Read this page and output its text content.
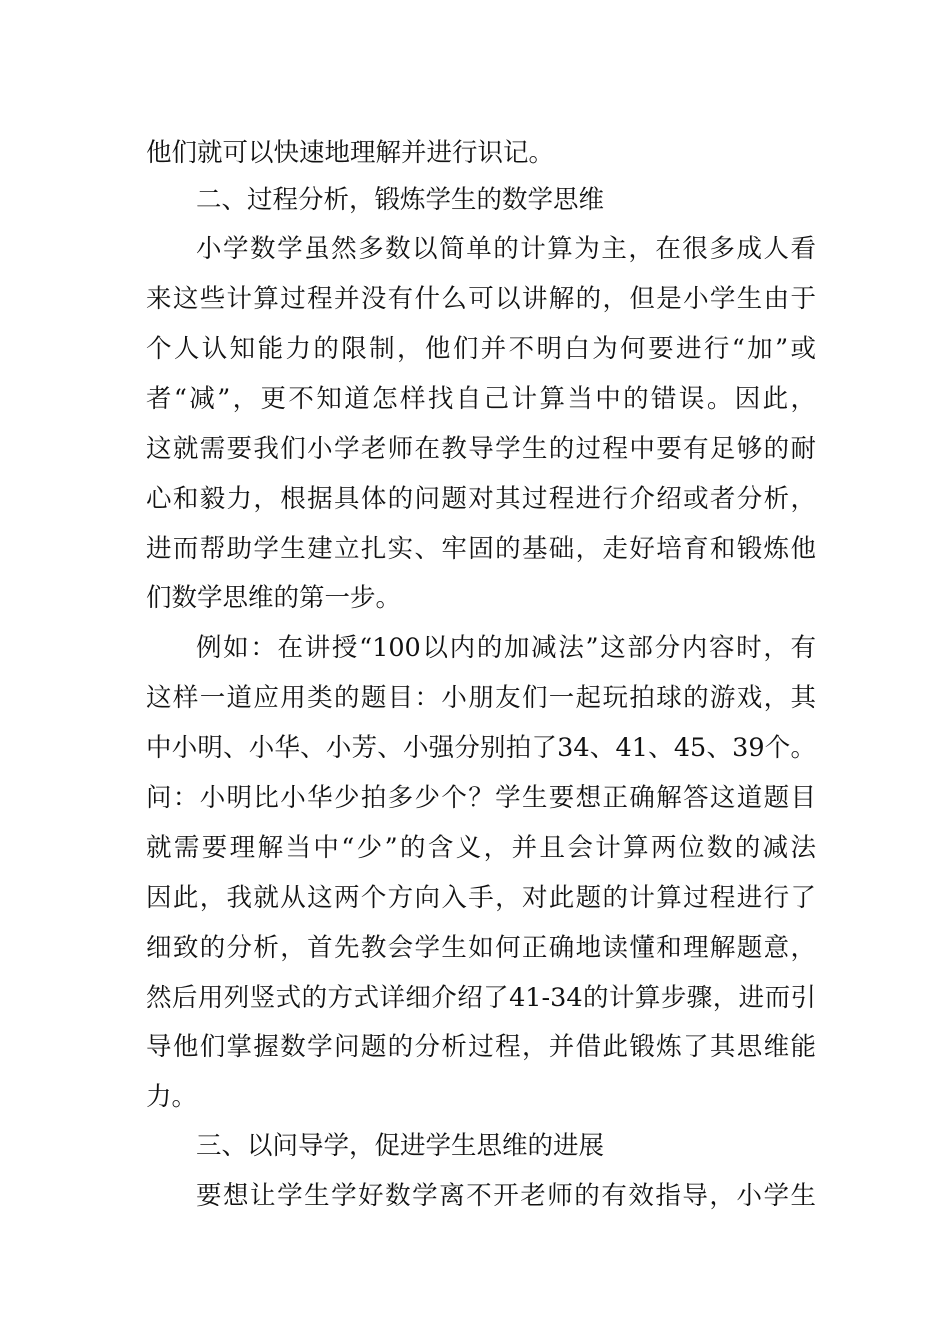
他们就可以快速地理解并进行识记。
二、过程分析，锻炼学生的数学思维
小学数学虽然多数以简单的计算为主，在很多成人看
来这些计算过程并没有什么可以讲解的，但是小学生由于
个人认知能力的限制，他们并不明白为何要进行“加”或
者“减”，更不知道怎样找自己计算当中的错误。因此，
这就需要我们小学老师在教导学生的过程中要有足够的耐
心和毅力，根据具体的问题对其过程进行介绍或者分析，
进而帮助学生建立扎实、牢固的基础，走好培育和锻炼他
们数学思维的第一步。
例如：在讲授“100以内的加减法”这部分内容时，有
这样一道应用类的题目：小朋友们一起玩拍球的游戏，其
中小明、小华、小芳、小强分别拍了34、41、45、39个。
问：小明比小华少拍多少个？学生要想正确解答这道题目
就需要理解当中“少”的含义，并且会计算两位数的减法
因此，我就从这两个方向入手，对此题的计算过程进行了
细致的分析，首先教会学生如何正确地读懂和理解题意，
然后用列竖式的方式详细介绍了41-34的计算步骤，进而引
导他们掌握数学问题的分析过程，并借此锻炼了其思维能
力。
三、以问导学，促进学生思维的进展
要想让学生学好数学离不开老师的有效指导，小学生
